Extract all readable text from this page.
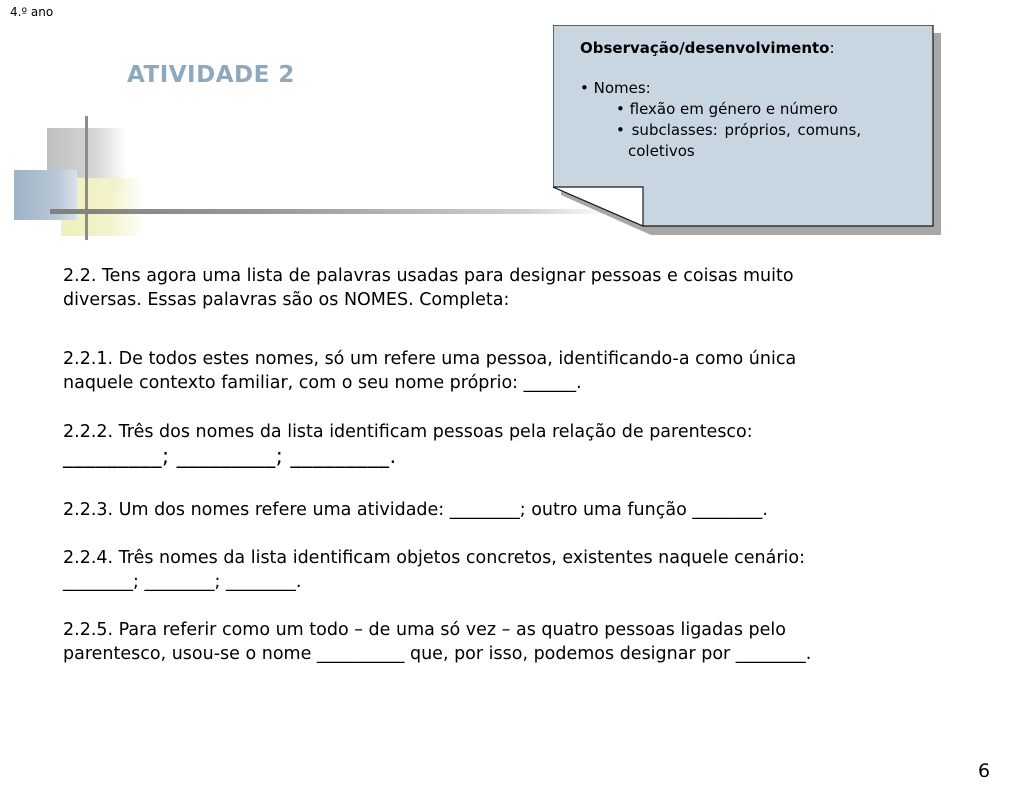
4.º ano
ATIVIDADE 2
Observação/desenvolvimento:
• Nomes:
• flexão em género e número
• subclasses: próprios, comuns,
coletivos
2.2. Tens agora uma lista de palavras usadas para designar pessoas e coisas muito
diversas. Essas palavras são os NOMES. Completa:
2.2.1. De todos estes nomes, só um refere uma pessoa, identificando-a como única
naquele contexto familiar, com o seu nome próprio: ______.
2.2.2. Três dos nomes da lista identificam pessoas pela relação de parentesco:
_________; _________; _________.
2.2.3. Um dos nomes refere uma atividade: ________; outro uma função ________.
2.2.4. Três nomes da lista identificam objetos concretos, existentes naquele cenário:
________; ________; ________.
2.2.5. Para referir como um todo – de uma só vez – as quatro pessoas ligadas pelo
parentesco, usou-se o nome __________ que, por isso, podemos designar por ________.
6
